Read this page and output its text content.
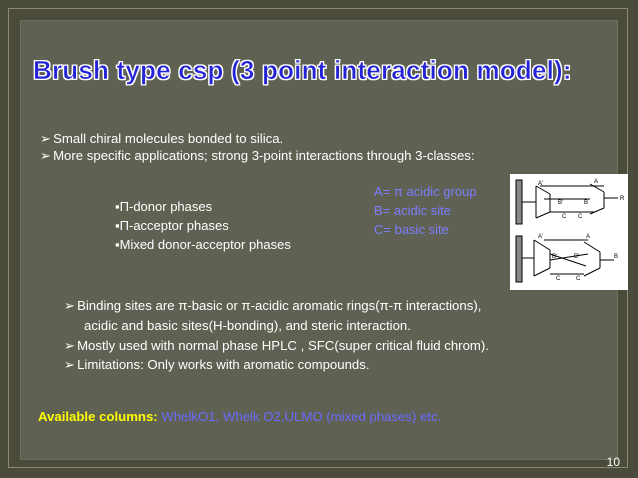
Brush type csp (3 point interaction model):
➢ Small chiral molecules bonded to silica.
➢ More specific applications; strong 3-point interactions through 3-classes:
▪Π-donor phases
▪Π-acceptor phases
▪Mixed donor-acceptor phases
A= π acidic group
B= acidic site
C= basic site
A'	A
B'	B
C C
R
A'	A
B'	B'
C	C
B
➢ Binding sites are π-basic or π-acidic aromatic rings(π-π interactions),
acidic and basic sites(H-bonding), and steric interaction.
➢ Mostly used with normal phase HPLC , SFC(super critical fluid chrom).
➢ Limitations: Only works with aromatic compounds.
Available columns: WhelkO1, Whelk O2,ULMO (mixed phases) etc.
10
